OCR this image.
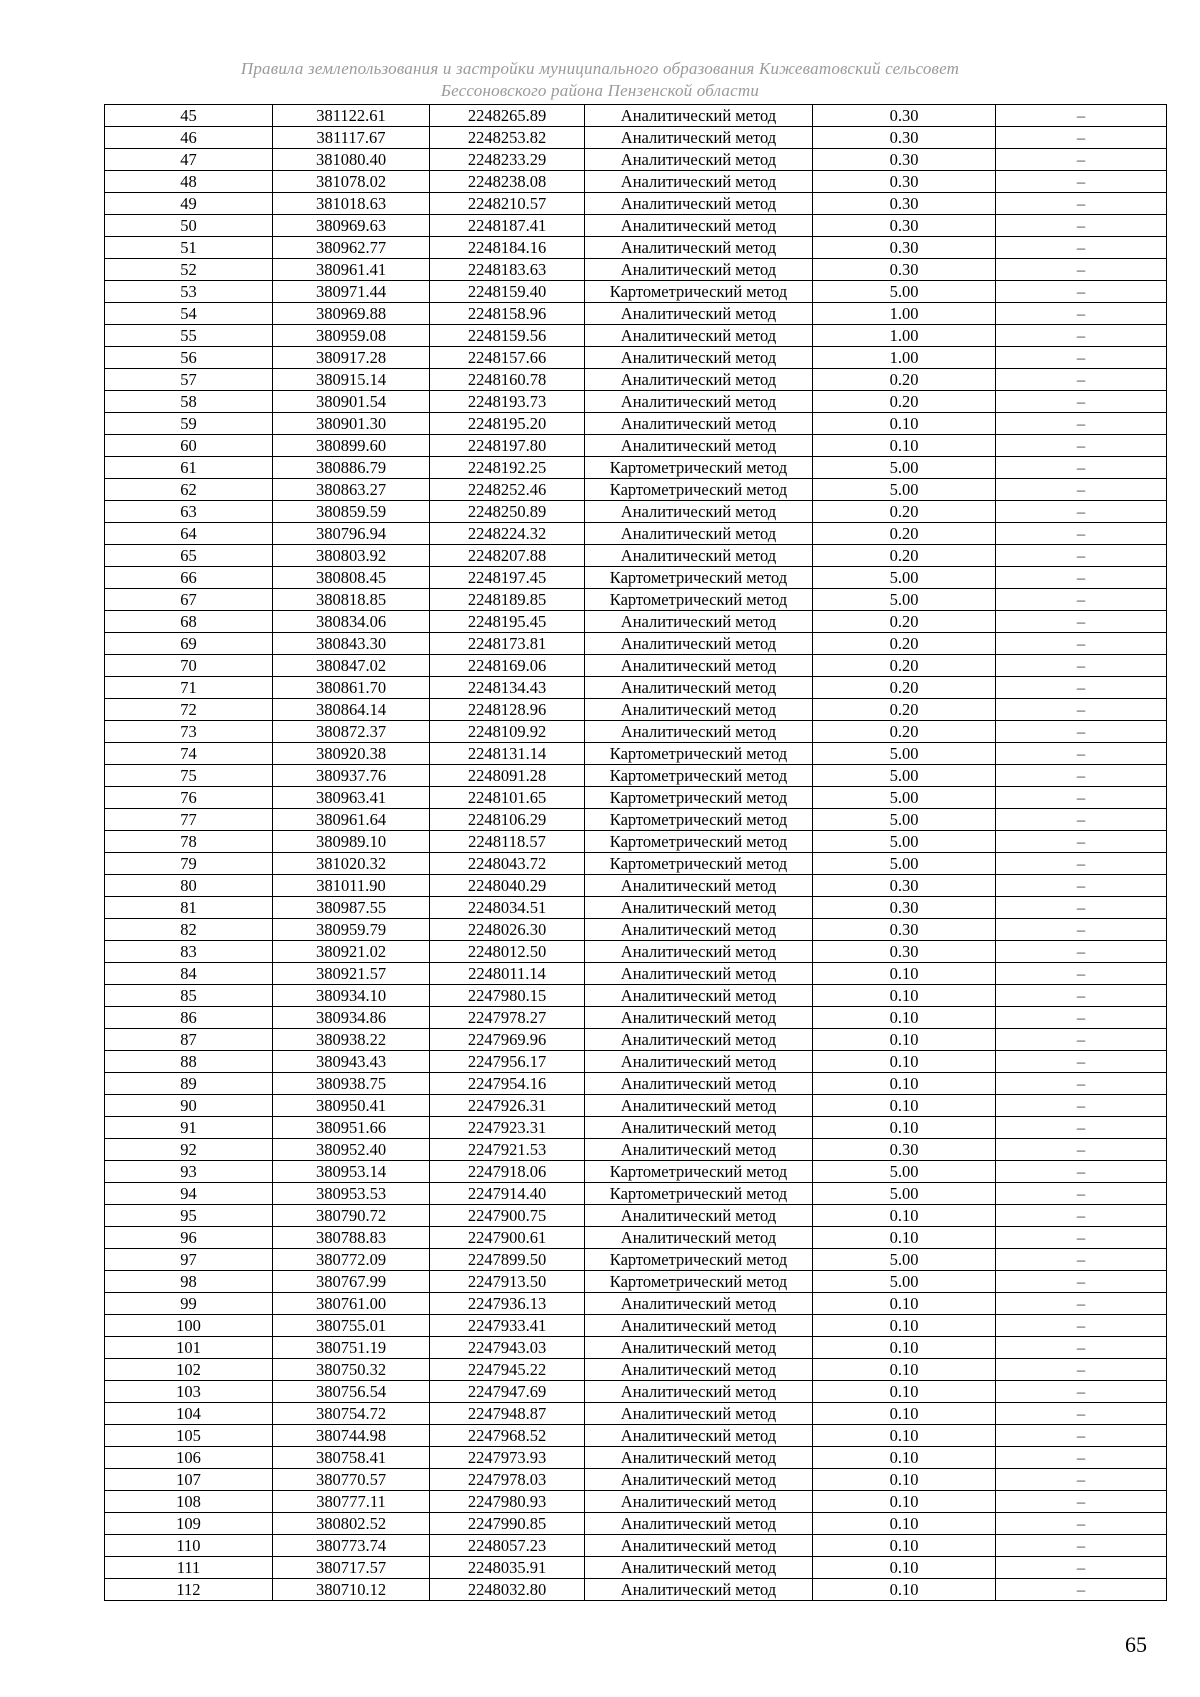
Правила землепользования и застройки муниципального образования Кижеватовский сельсовет
Бессоновского района Пензенской области
45	381122.61	2248265.89	Аналитический метод	0.30	–
46	381117.67	2248253.82	Аналитический метод	0.30	–
47	381080.40	2248233.29	Аналитический метод	0.30	–
48	381078.02	2248238.08	Аналитический метод	0.30	–
49	381018.63	2248210.57	Аналитический метод	0.30	–
50	380969.63	2248187.41	Аналитический метод	0.30	–
51	380962.77	2248184.16	Аналитический метод	0.30	–
52	380961.41	2248183.63	Аналитический метод	0.30	–
53	380971.44	2248159.40	Картометрический метод	5.00	–
54	380969.88	2248158.96	Аналитический метод	1.00	–
55	380959.08	2248159.56	Аналитический метод	1.00	–
56	380917.28	2248157.66	Аналитический метод	1.00	–
57	380915.14	2248160.78	Аналитический метод	0.20	–
58	380901.54	2248193.73	Аналитический метод	0.20	–
59	380901.30	2248195.20	Аналитический метод	0.10	–
60	380899.60	2248197.80	Аналитический метод	0.10	–
61	380886.79	2248192.25	Картометрический метод	5.00	–
62	380863.27	2248252.46	Картометрический метод	5.00	–
63	380859.59	2248250.89	Аналитический метод	0.20	–
64	380796.94	2248224.32	Аналитический метод	0.20	–
65	380803.92	2248207.88	Аналитический метод	0.20	–
66	380808.45	2248197.45	Картометрический метод	5.00	–
67	380818.85	2248189.85	Картометрический метод	5.00	–
68	380834.06	2248195.45	Аналитический метод	0.20	–
69	380843.30	2248173.81	Аналитический метод	0.20	–
70	380847.02	2248169.06	Аналитический метод	0.20	–
71	380861.70	2248134.43	Аналитический метод	0.20	–
72	380864.14	2248128.96	Аналитический метод	0.20	–
73	380872.37	2248109.92	Аналитический метод	0.20	–
74	380920.38	2248131.14	Картометрический метод	5.00	–
75	380937.76	2248091.28	Картометрический метод	5.00	–
76	380963.41	2248101.65	Картометрический метод	5.00	–
77	380961.64	2248106.29	Картометрический метод	5.00	–
78	380989.10	2248118.57	Картометрический метод	5.00	–
79	381020.32	2248043.72	Картометрический метод	5.00	–
80	381011.90	2248040.29	Аналитический метод	0.30	–
81	380987.55	2248034.51	Аналитический метод	0.30	–
82	380959.79	2248026.30	Аналитический метод	0.30	–
83	380921.02	2248012.50	Аналитический метод	0.30	–
84	380921.57	2248011.14	Аналитический метод	0.10	–
85	380934.10	2247980.15	Аналитический метод	0.10	–
86	380934.86	2247978.27	Аналитический метод	0.10	–
87	380938.22	2247969.96	Аналитический метод	0.10	–
88	380943.43	2247956.17	Аналитический метод	0.10	–
89	380938.75	2247954.16	Аналитический метод	0.10	–
90	380950.41	2247926.31	Аналитический метод	0.10	–
91	380951.66	2247923.31	Аналитический метод	0.10	–
92	380952.40	2247921.53	Аналитический метод	0.30	–
93	380953.14	2247918.06	Картометрический метод	5.00	–
94	380953.53	2247914.40	Картометрический метод	5.00	–
95	380790.72	2247900.75	Аналитический метод	0.10	–
96	380788.83	2247900.61	Аналитический метод	0.10	–
97	380772.09	2247899.50	Картометрический метод	5.00	–
98	380767.99	2247913.50	Картометрический метод	5.00	–
99	380761.00	2247936.13	Аналитический метод	0.10	–
100	380755.01	2247933.41	Аналитический метод	0.10	–
101	380751.19	2247943.03	Аналитический метод	0.10	–
102	380750.32	2247945.22	Аналитический метод	0.10	–
103	380756.54	2247947.69	Аналитический метод	0.10	–
104	380754.72	2247948.87	Аналитический метод	0.10	–
105	380744.98	2247968.52	Аналитический метод	0.10	–
106	380758.41	2247973.93	Аналитический метод	0.10	–
107	380770.57	2247978.03	Аналитический метод	0.10	–
108	380777.11	2247980.93	Аналитический метод	0.10	–
109	380802.52	2247990.85	Аналитический метод	0.10	–
110	380773.74	2248057.23	Аналитический метод	0.10	–
111	380717.57	2248035.91	Аналитический метод	0.10	–
112	380710.12	2248032.80	Аналитический метод	0.10	–
65
